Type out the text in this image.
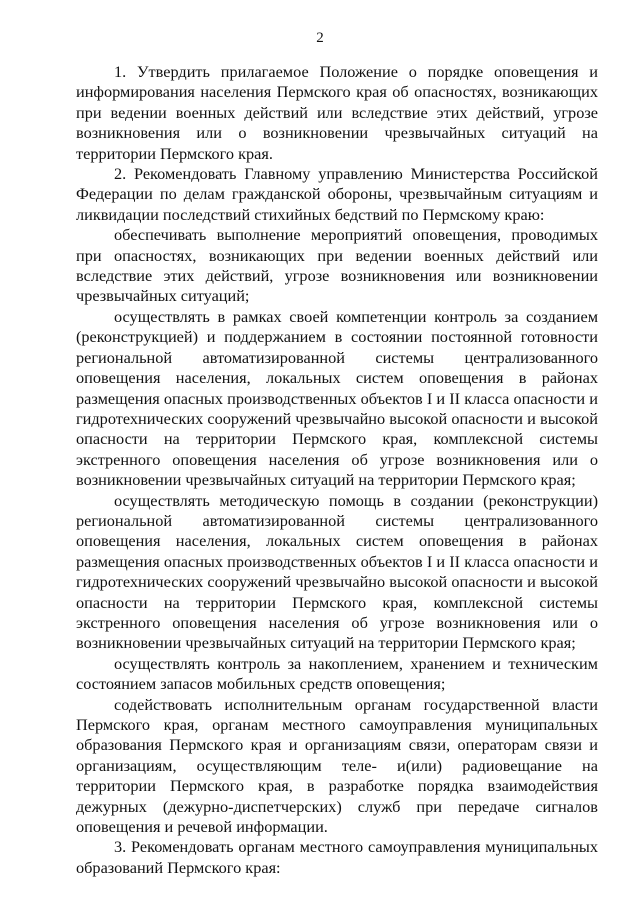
2

1. Утвердить прилагаемое Положение о порядке оповещения и информирования населения Пермского края об опасностях, возникающих при ведении военных действий или вследствие этих действий, угрозе возникновения или о возникновении чрезвычайных ситуаций на территории Пермского края.

2. Рекомендовать Главному управлению Министерства Российской Федерации по делам гражданской обороны, чрезвычайным ситуациям и ликвидации последствий стихийных бедствий по Пермскому краю:

обеспечивать выполнение мероприятий оповещения, проводимых при опасностях, возникающих при ведении военных действий или вследствие этих действий, угрозе возникновения или возникновении чрезвычайных ситуаций;

осуществлять в рамках своей компетенции контроль за созданием (реконструкцией) и поддержанием в состоянии постоянной готовности региональной автоматизированной системы централизованного оповещения населения, локальных систем оповещения в районах размещения опасных производственных объектов I и II класса опасности и гидротехнических сооружений чрезвычайно высокой опасности и высокой опасности на территории Пермского края, комплексной системы экстренного оповещения населения об угрозе возникновения или о возникновении чрезвычайных ситуаций на территории Пермского края;

осуществлять методическую помощь в создании (реконструкции) региональной автоматизированной системы централизованного оповещения населения, локальных систем оповещения в районах размещения опасных производственных объектов I и II класса опасности и гидротехнических сооружений чрезвычайно высокой опасности и высокой опасности на территории Пермского края, комплексной системы экстренного оповещения населения об угрозе возникновения или о возникновении чрезвычайных ситуаций на территории Пермского края;

осуществлять контроль за накоплением, хранением и техническим состоянием запасов мобильных средств оповещения;

содействовать исполнительным органам государственной власти Пермского края, органам местного самоуправления муниципальных образования Пермского края и организациям связи, операторам связи и организациям, осуществляющим теле- и(или) радиовещание на территории Пермского края, в разработке порядка взаимодействия дежурных (дежурно-диспетчерских) служб при передаче сигналов оповещения и речевой информации.

3. Рекомендовать органам местного самоуправления муниципальных образований Пермского края:
